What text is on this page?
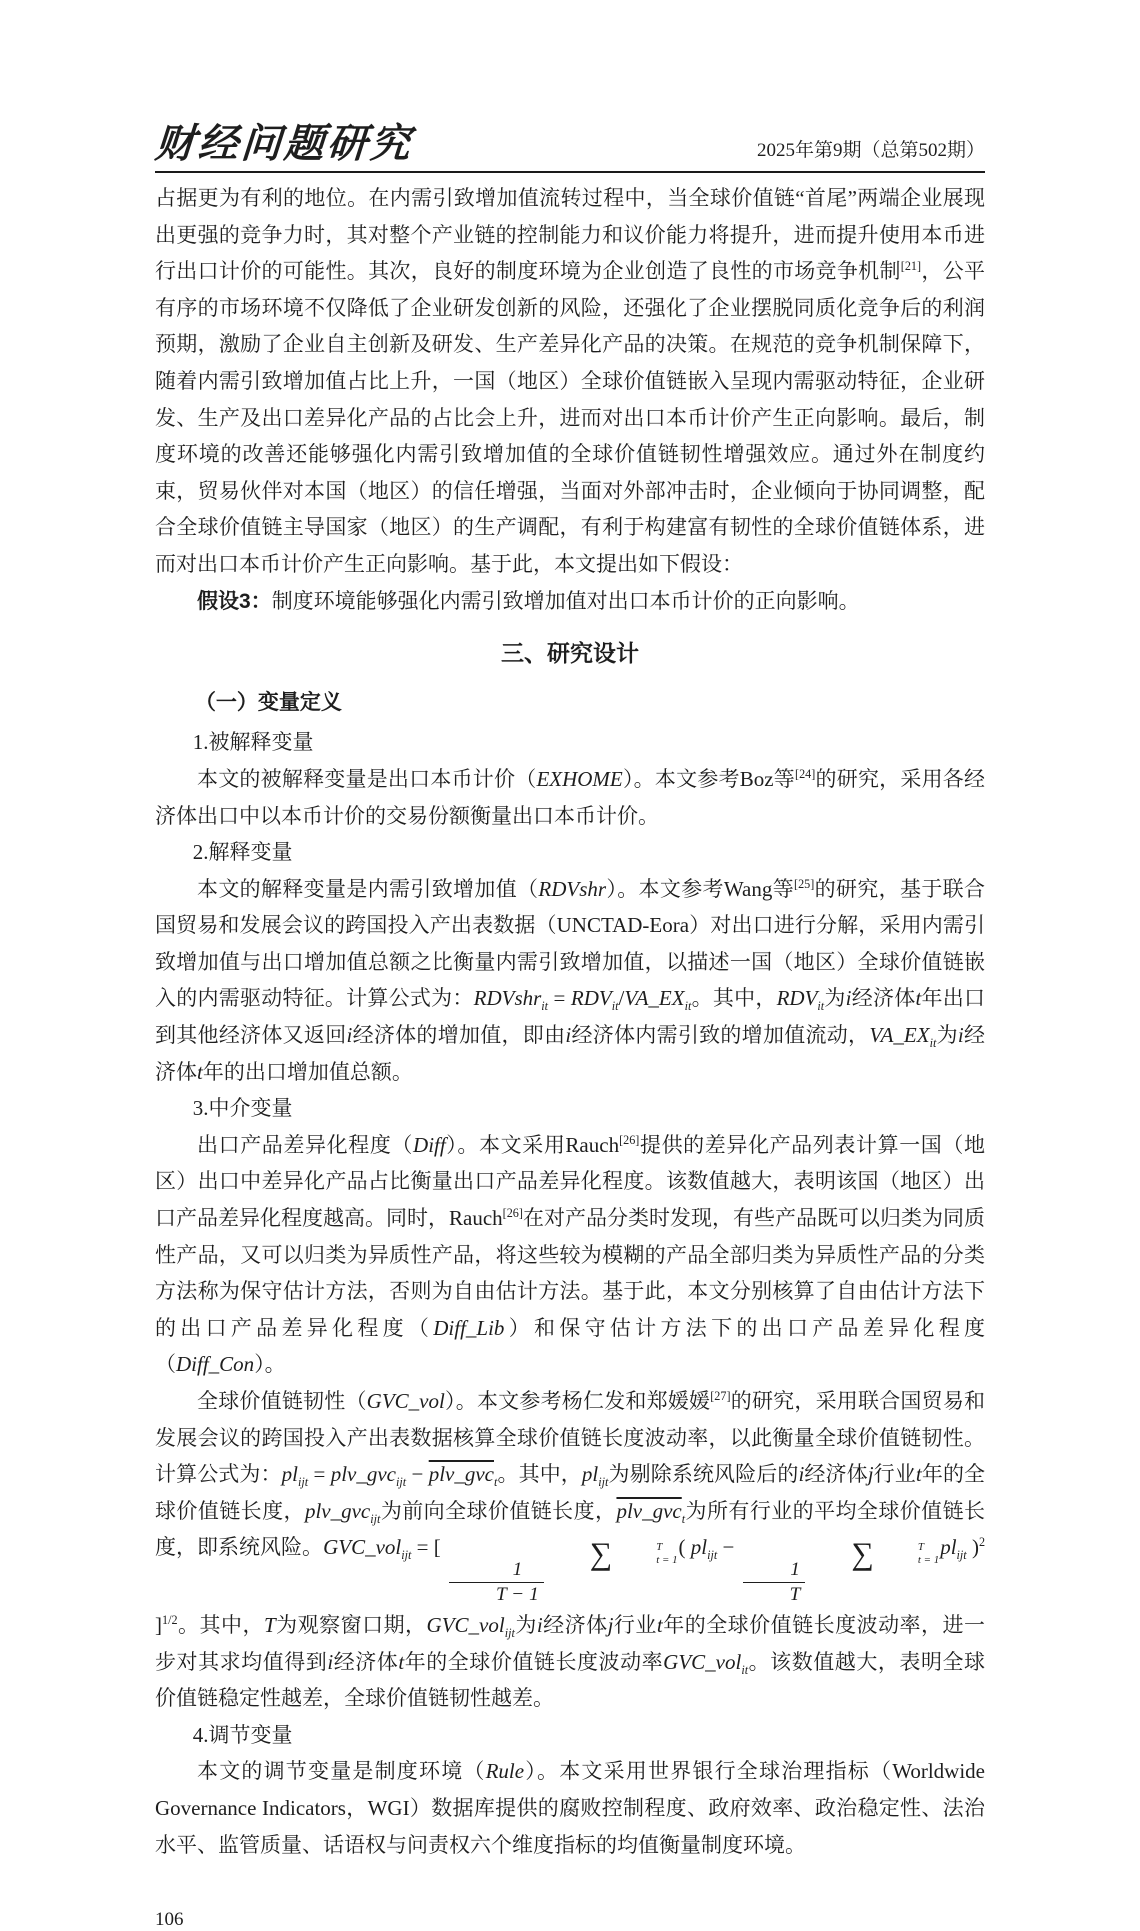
财经问题研究	2025年第9期（总第502期）

占据更为有利的地位。在内需引致增加值流转过程中，当全球价值链“首尾”两端企业展现出更强的竞争力时，其对整个产业链的控制能力和议价能力将提升，进而提升使用本币进行出口计价的可能性。其次，良好的制度环境为企业创造了良性的市场竞争机制[21]，公平有序的市场环境不仅降低了企业研发创新的风险，还强化了企业摆脱同质化竞争后的利润预期，激励了企业自主创新及研发、生产差异化产品的决策。在规范的竞争机制保障下，随着内需引致增加值占比上升，一国（地区）全球价值链嵌入呈现内需驱动特征，企业研发、生产及出口差异化产品的占比会上升，进而对出口本币计价产生正向影响。最后，制度环境的改善还能够强化内需引致增加值的全球价值链韧性增强效应。通过外在制度约束，贸易伙伴对本国（地区）的信任增强，当面对外部冲击时，企业倾向于协同调整，配合全球价值链主导国家（地区）的生产调配，有利于构建富有韧性的全球价值链体系，进而对出口本币计价产生正向影响。基于此，本文提出如下假设：

假设3：制度环境能够强化内需引致增加值对出口本币计价的正向影响。

三、研究设计
（一）变量定义
1.被解释变量

本文的被解释变量是出口本币计价（EXHOME）。本文参考Boz等[24]的研究，采用各经济体出口中以本币计价的交易份额衡量出口本币计价。

2.解释变量

本文的解释变量是内需引致增加值（RDVshr）。本文参考Wang等[25]的研究，基于联合国贸易和发展会议的跨国投入产出表数据（UNCTAD-Eora）对出口进行分解，采用内需引致增加值与出口增加值总额之比衡量内需引致增加值，以描述一国（地区）全球价值链嵌入的内需驱动特征。计算公式为：RDVshr$_{it}$ = $RDV_{it}/VA\_EX_{it}$。其中，$RDV_{it}$为i经济体t年出口到其他经济体又返回i经济体的增加值，即由i经济体内需引致的增加值流动，$VA\_EX_{it}$为i经济体t年的出口增加值总额。

3.中介变量

出口产品差异化程度（Diff）。本文采用Rauch[26]提供的差异化产品列表计算一国（地区）出口中差异化产品占比衡量出口产品差异化程度。该数值越大，表明该国（地区）出口产品差异化程度越高。同时，Rauch[26]在对产品分类时发现，有些产品既可以归类为同质性产品，又可以归类为异质性产品，将这些较为模糊的产品全部归类为异质性产品的分类方法称为保守估计方法，否则为自由估计方法。基于此，本文分别核算了自由估计方法下的出口产品差异化程度（Diff_Lib）和保守估计方法下的出口产品差异化程度（Diff_Con）。

全球价值链韧性（GVC_vol）。本文参考杨仁发和郑媛媛[27]的研究，采用联合国贸易和发展会议的跨国投入产出表数据核算全球价值链长度波动率，以此衡量全球价值链韧性。计算公式为：$pl_{ijt}$ = plv_gvc$_{ijt}$ − plv_gvc$_t$。其中，$pl_{ijt}$为剔除系统风险后的i经济体j行业t年的全球价值链长度，plv_gvc$_{ijt}$为前向全球价值链长度，plv_gvc$_t$为所有行业的平均全球价值链长度，即系统风险。GVC_vol$_{ijt}$ = [
$\frac{1}{T - 1}$
∑	T
t = 1
( $pl_{ijt}$ −
$\frac{1}{T}$
∑	T
t = 1
$pl_{ijt}$ )$^2$ ]$^{1/2}$。其中，T为观察窗口期，GVC_vol$_{ijt}$为i经济体j行业t年的全球价值链长度波动率，进一步对其求均值得到i经济体t年的全球价值链长度波动率GVC_vol$_{it}$。该数值越大，表明全球价值链稳定性越差，全球价值链韧性越差。

4.调节变量

本文的调节变量是制度环境（Rule）。本文采用世界银行全球治理指标（Worldwide Governance Indicators，WGI）数据库提供的腐败控制程度、政府效率、政治稳定性、法治水平、监管质量、话语权与问责权六个维度指标的均值衡量制度环境。

106
